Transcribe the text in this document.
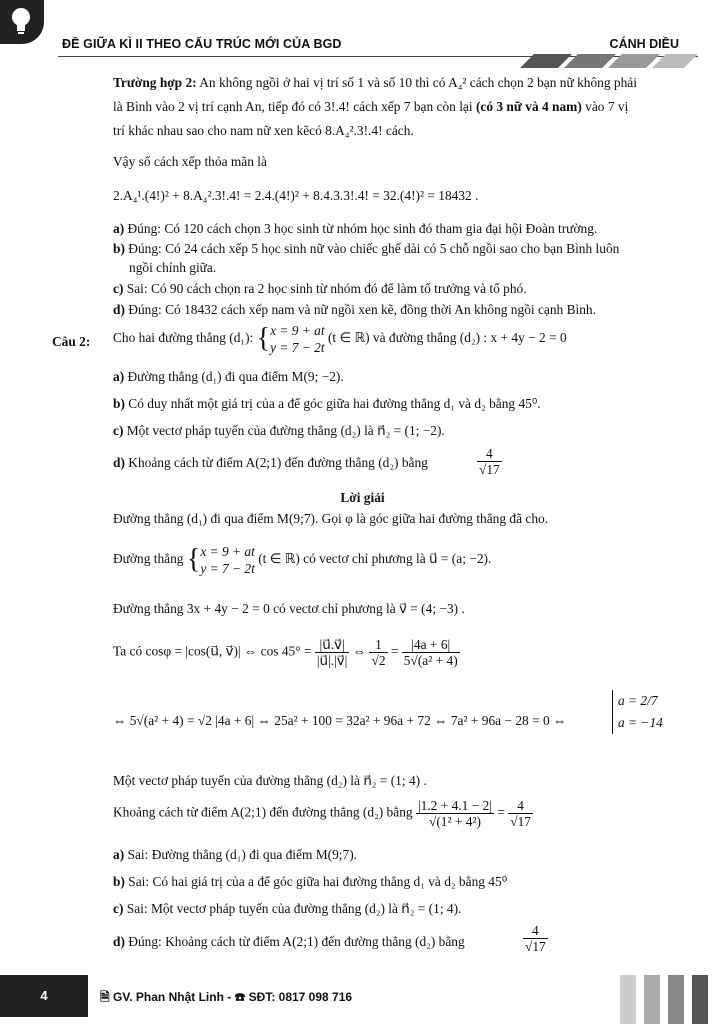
ĐỀ GIỮA KÌ II THEO CẤU TRÚC MỚI CỦA BGD	CÁNH DIỀU
Trường hợp 2: An không ngồi ở hai vị trí số 1 và số 10 thì có A₄² cách chọn 2 bạn nữ không phải
là Bình vào 2 vị trí cạnh An, tiếp đó có 3!.4! cách xếp 7 bạn còn lại (có 3 nữ và 4 nam) vào 7 vị
trí khác nhau sao cho nam nữ xen kẽcó 8.A₄².3!.4! cách.
Vậy số cách xếp thỏa mãn là
2.A₄¹.(4!)² + 8.A₄².3!.4! = 2.4.(4!)² + 8.4.3.3!.4! = 32.(4!)² = 18432 .
a) Đúng: Có 120 cách chọn 3 học sinh từ nhóm học sinh đó tham gia đại hội Đoàn trường.
b) Đúng: Có 24 cách xếp 5 học sinh nữ vào chiếc ghế dài có 5 chỗ ngồi sao cho bạn Bình luôn
ngồi chính giữa.
c) Sai: Có 90 cách chọn ra 2 học sinh từ nhóm đó để làm tổ trưởng và tổ phó.
d) Đúng: Có 18432 cách xếp nam và nữ ngồi xen kẽ, đồng thời An không ngồi cạnh Bình.
Câu 2: Cho hai đường thẳng (d₁): {x = 9 + at
y = 7 − 2t (t ∈ ℝ) và đường thẳng (d₂) : x + 4y − 2 = 0
a) Đường thẳng (d₁) đi qua điểm M(9; −2).
b) Có duy nhất một giá trị của a để góc giữa hai đường thẳng d₁ và d₂ bằng 45⁰.
c) Một vectơ pháp tuyến của đường thẳng (d₂) là n⃗₂ = (1; −2).
d) Khoảng cách từ điểm A(2;1) đến đường thẳng (d₂) bằng	$\frac{4}{√17}$
Lời giải
Đường thẳng (d₁) đi qua điểm M(9;7). Gọi φ là góc giữa hai đường thẳng đã cho.
Đường thẳng {x = 9 + at
y = 7 − 2t (t ∈ ℝ) có vectơ chỉ phương là u⃗ = (a; −2).
Đường thẳng 3x + 4y − 2 = 0 có vectơ chỉ phương là v⃗ = (4; −3) .
Ta có cosφ = |cos(u⃗, v⃗)| ⇔ $\cos 45^\circ = \frac{|u⃗.v⃗|}{|u⃗|.|v⃗|}$ ⇔ $\frac{1}{√2} = \frac{|4a + 6|}{\text{5√(a² + 4)}}$
⇔ 5√(a² + 4) = √2 |4a + 6| ⇔ 25a² + 100 = 32a² + 96a + 72 ⇔ 7a² + 96a − 28 = 0 ⇔
a = 2/7
a = −14
Một vectơ pháp tuyến của đường thẳng (d₂) là n⃗₂ = (1; 4) .
Khoảng cách từ điểm A(2;1) đến đường thẳng (d₂) bằng $\frac{|1.2 + 4.1 - 2|}{\text{√(1² + 4²)}} = \frac{4}{√17}$
a) Sai: Đường thẳng (d₁) đi qua điểm M(9;7).
b) Sai: Có hai giá trị của a để góc giữa hai đường thẳng d₁ và d₂ bằng 45⁰
c) Sai: Một vectơ pháp tuyến của đường thẳng (d₂) là n⃗₂ = (1; 4).
d) Đúng: Khoảng cách từ điểm A(2;1) đến đường thẳng (d₂) bằng	$\frac{4}{√17}$
4	🗎 GV. Phan Nhật Linh - ☎ SĐT: 0817 098 716
